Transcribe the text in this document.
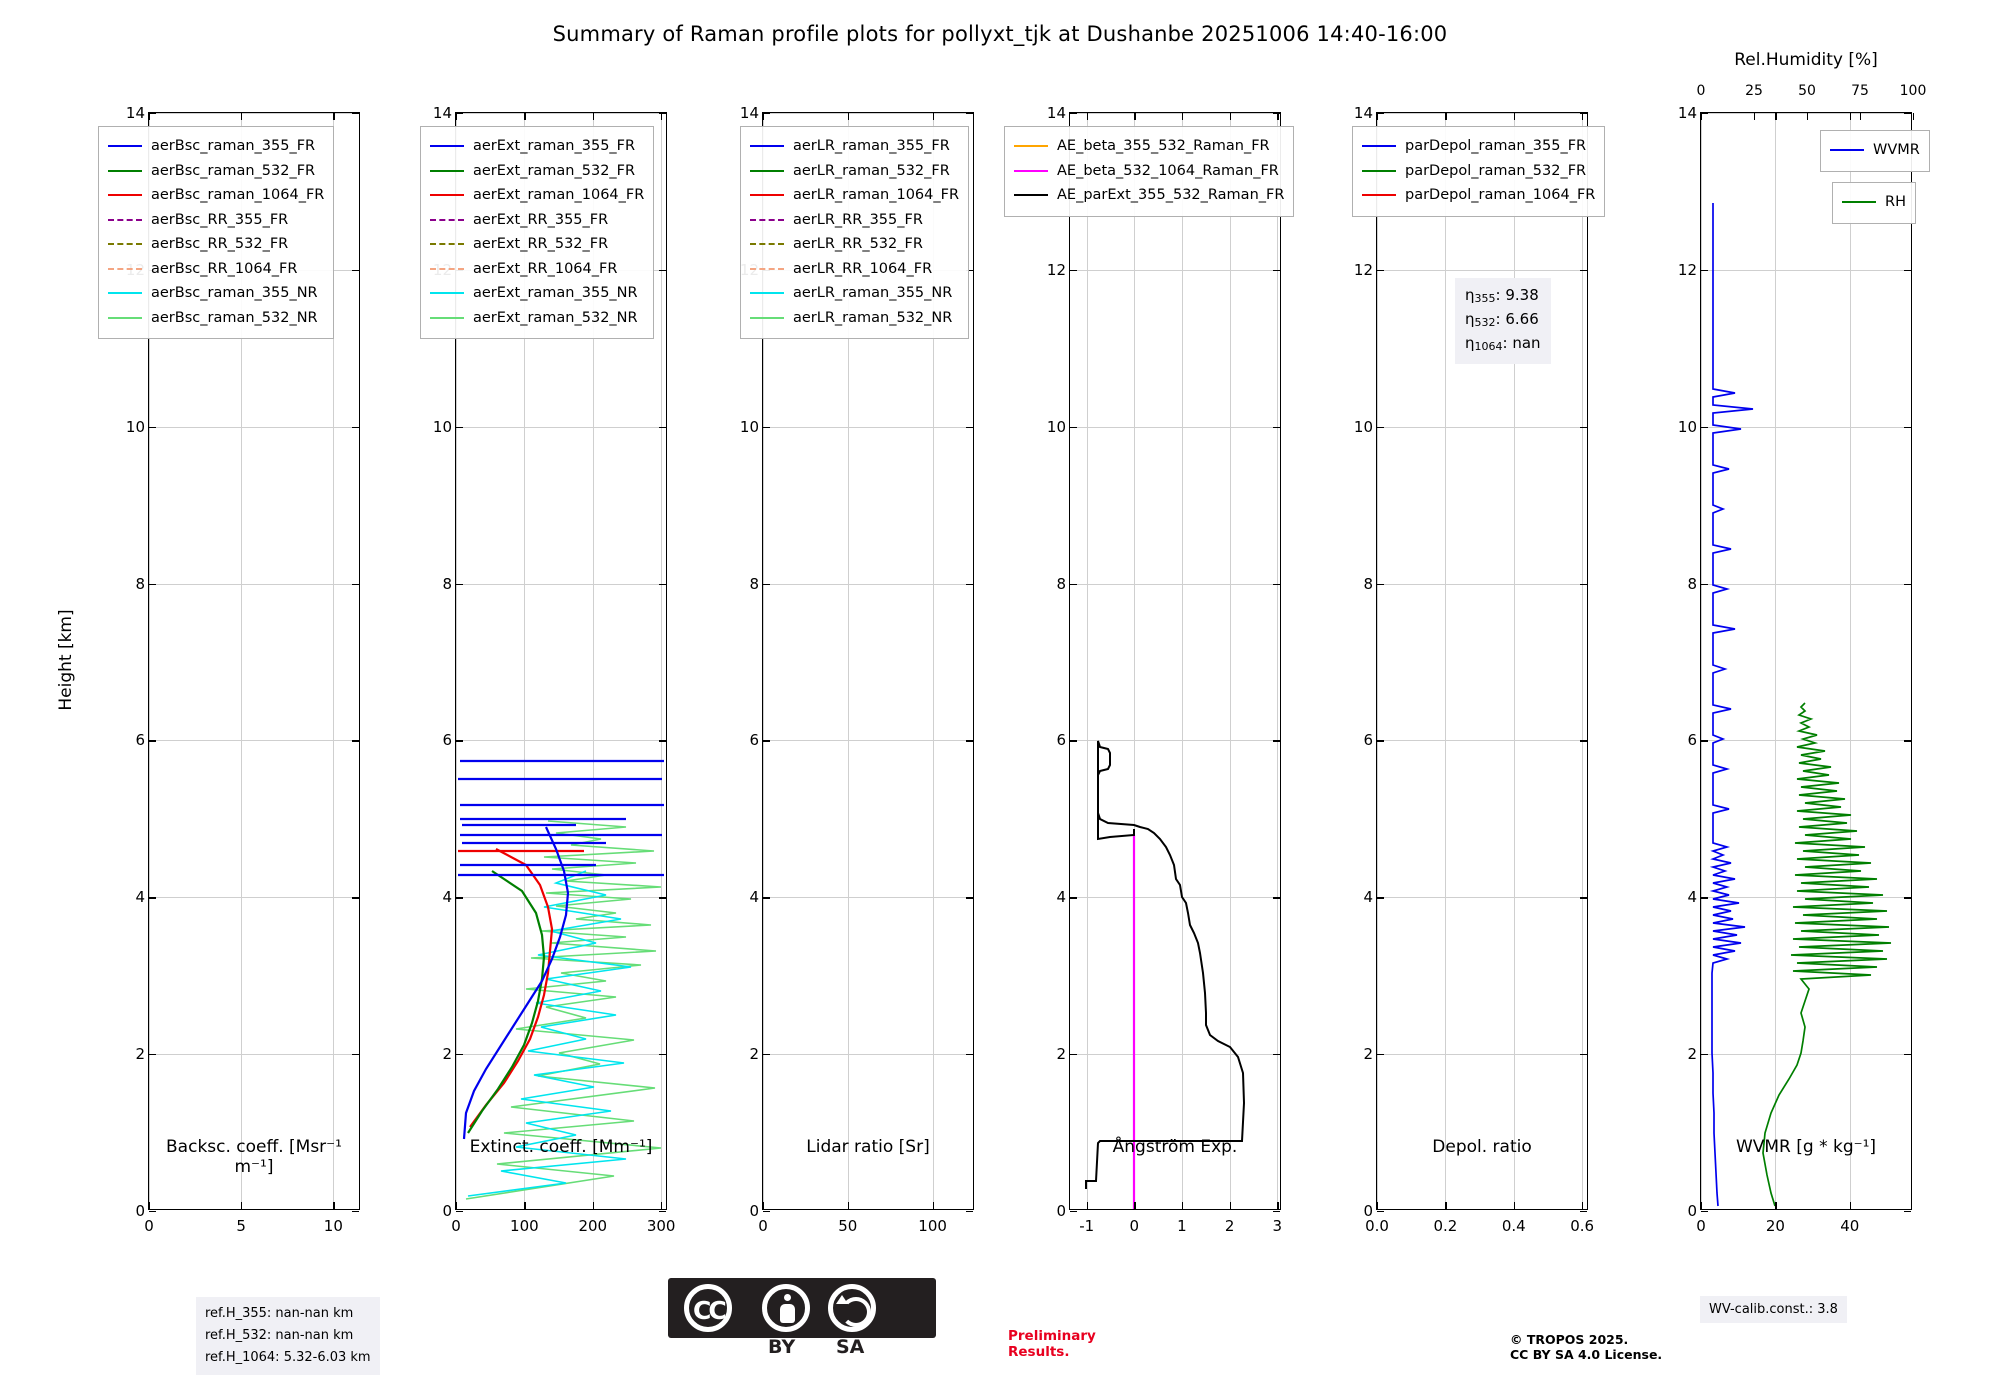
Summary of Raman profile plots for pollyxt_tjk at Dushanbe 20251006 14:40-16:00
Height [km]
0
2
4
6
8
10
14
0	5	10
Backsc. coeff. [Msr⁻¹ m⁻¹]
0
2
4
6
8
10
14
0	100	200	300
Extinct. coeff. [Mm⁻¹]
0
2
4
6
8
10
14
0	50	100
Lidar ratio [Sr]
0
2
4
6
8
10
12
14
-1 0	1	2	3
Ångström Exp.
0
2
4
6
8
10
12
14
0.0	0.2	0.4	0.6
Depol. ratio
0
2
4
6
8
10
12
14
0	20	40
0	25	50	75 100
WVMR [g * kg⁻¹]
Rel.Humidity [%]
aerBsc_raman_355_FR
aerBsc_raman_532_FR
aerBsc_raman_1064_FR
aerBsc_RR_355_FR
aerBsc_RR_532_FR
aerBsc_RR_1064_FR
aerBsc_raman_355_NR
aerBsc_raman_532_NR
aerExt_raman_355_FR
aerExt_raman_532_FR
aerExt_raman_1064_FR
aerExt_RR_355_FR
aerExt_RR_532_FR
aerExt_RR_1064_FR
aerExt_raman_355_NR
aerExt_raman_532_NR
aerLR_raman_355_FR
aerLR_raman_532_FR
aerLR_raman_1064_FR
aerLR_RR_355_FR
aerLR_RR_532_FR
aerLR_RR_1064_FR
aerLR_raman_355_NR
aerLR_raman_532_NR
AE_beta_355_532_Raman_FR
AE_beta_532_1064_Raman_FR
AE_parExt_355_532_Raman_FR
parDepol_raman_355_FR
parDepol_raman_532_FR
parDepol_raman_1064_FR
WVMR
RH
η355: 9.38
η532: 6.66
η1064: nan
ref.H_355: nan-nan km
ref.H_532: nan-nan km
ref.H_1064: 5.32-6.03 km
Preliminary
Results.
© TROPOS 2025.
CC BY SA 4.0 License.
WV-calib.const.: 3.8
CC
BY SA
